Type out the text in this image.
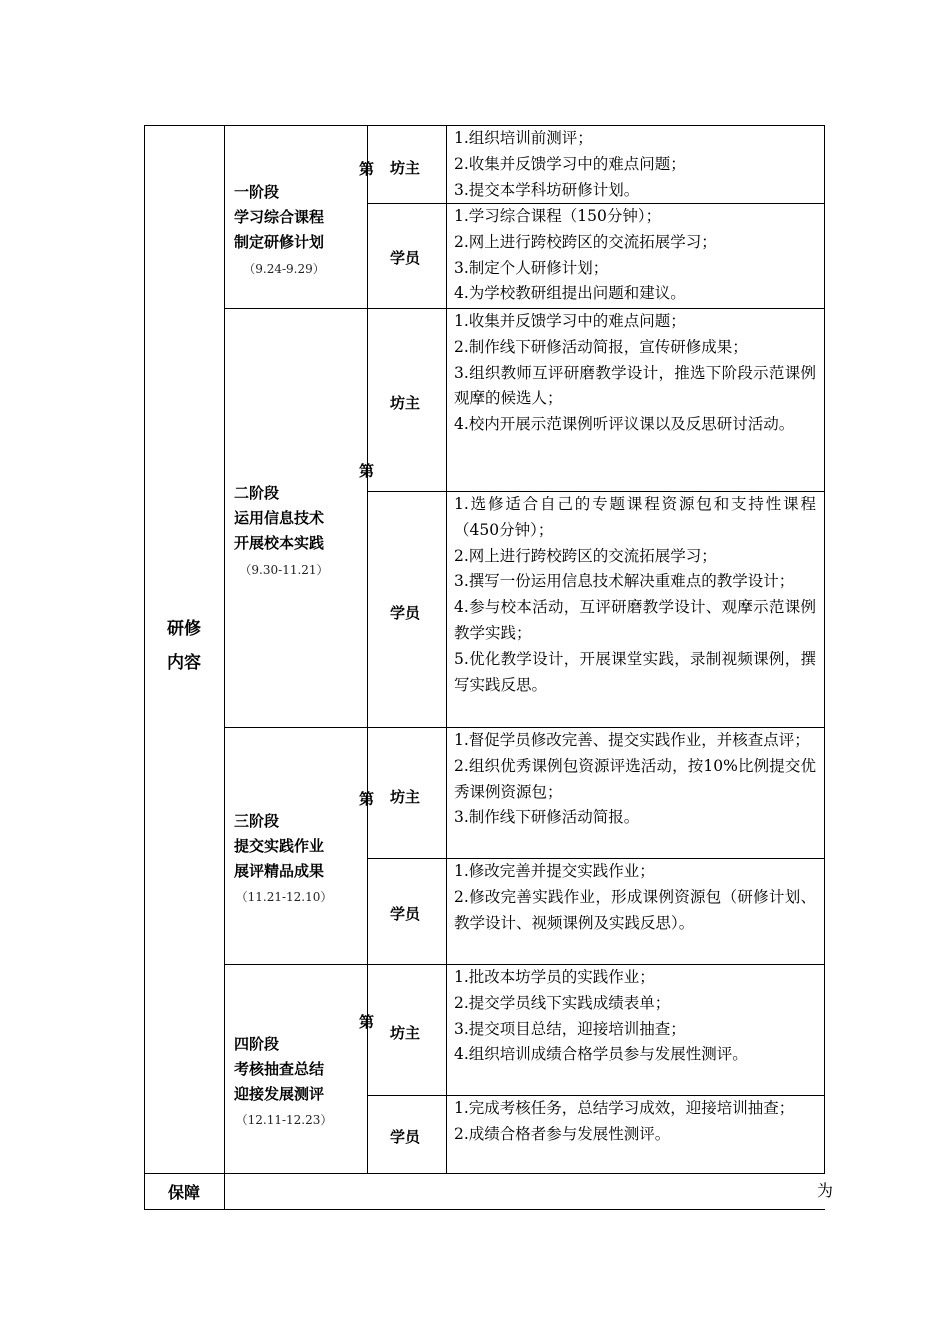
研修
内容
一阶段
学习综合课程
制定研修计划
（9.24-9.29）
第 坊主

1.组织培训前测评；

2.收集并反馈学习中的难点问题；

3.提交本学科坊研修计划。

学员

1.学习综合课程（150分钟）；

2.网上进行跨校跨区的交流拓展学习；

3.制定个人研修计划；

4.为学校教研组提出问题和建议。

二阶段
运用信息技术
开展校本实践
（9.30-11.21）
第
坊主

1.收集并反馈学习中的难点问题；

2.制作线下研修活动简报，宣传研修成果；

3.组织教师互评研磨教学设计，推选下阶段示范课例观摩的候选人；

4.校内开展示范课例听评议课以及反思研讨活动。

学员

1.选修适合自己的专题课程资源包和支持性课程（450分钟）；

2.网上进行跨校跨区的交流拓展学习；

3.撰写一份运用信息技术解决重难点的教学设计；

4.参与校本活动，互评研磨教学设计、观摩示范课例教学实践；

5.优化教学设计，开展课堂实践，录制视频课例，撰写实践反思。

三阶段
提交实践作业
展评精品成果
（11.21-12.10）
第 坊主

1.督促学员修改完善、提交实践作业，并核查点评；

2.组织优秀课例包资源评选活动，按10%比例提交优秀课例资源包；

3.制作线下研修活动简报。

学员

1.修改完善并提交实践作业；

2.修改完善实践作业，形成课例资源包（研修计划、教学设计、视频课例及实践反思）。

四阶段
考核抽查总结
迎接发展测评
（12.11-12.23）
第
坊主

1.批改本坊学员的实践作业；

2.提交学员线下实践成绩表单；

3.提交项目总结，迎接培训抽查；

4.组织培训成绩合格学员参与发展性测评。

学员

1.完成考核任务，总结学习成效，迎接培训抽查；

2.成绩合格者参与发展性测评。

保障	为
